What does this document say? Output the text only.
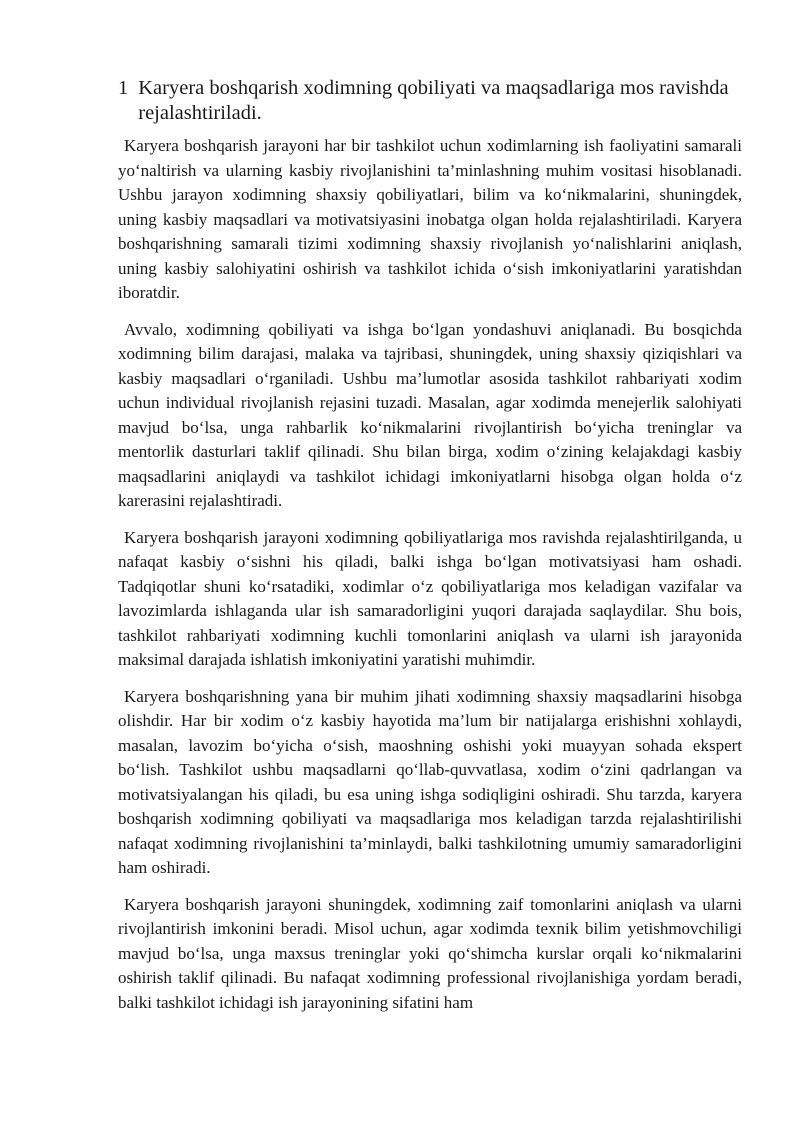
1 Karyera boshqarish xodimning qobiliyati va maqsadlariga mos ravishda rejalashtiriladi.

Karyera boshqarish jarayoni har bir tashkilot uchun xodimlarning ish faoliyatini samarali yo‘naltirish va ularning kasbiy rivojlanishini ta’minlashning muhim vositasi hisoblanadi. Ushbu jarayon xodimning shaxsiy qobiliyatlari, bilim va ko‘nikmalarini, shuningdek, uning kasbiy maqsadlari va motivatsiyasini inobatga olgan holda rejalashtiriladi. Karyera boshqarishning samarali tizimi xodimning shaxsiy rivojlanish yo‘nalishlarini aniqlash, uning kasbiy salohiyatini oshirish va tashkilot ichida o‘sish imkoniyatlarini yaratishdan iboratdir.

Avvalo, xodimning qobiliyati va ishga bo‘lgan yondashuvi aniqlanadi. Bu bosqichda xodimning bilim darajasi, malaka va tajribasi, shuningdek, uning shaxsiy qiziqishlari va kasbiy maqsadlari o‘rganiladi. Ushbu ma’lumotlar asosida tashkilot rahbariyati xodim uchun individual rivojlanish rejasini tuzadi. Masalan, agar xodimda menejerlik salohiyati mavjud bo‘lsa, unga rahbarlik ko‘nikmalarini rivojlantirish bo‘yicha treninglar va mentorlik dasturlari taklif qilinadi. Shu bilan birga, xodim o‘zining kelajakdagi kasbiy maqsadlarini aniqlaydi va tashkilot ichidagi imkoniyatlarni hisobga olgan holda o‘z karerasini rejalashtiradi.

Karyera boshqarish jarayoni xodimning qobiliyatlariga mos ravishda rejalashtirilganda, u nafaqat kasbiy o‘sishni his qiladi, balki ishga bo‘lgan motivatsiyasi ham oshadi. Tadqiqotlar shuni ko‘rsatadiki, xodimlar o‘z qobiliyatlariga mos keladigan vazifalar va lavozimlarda ishlaganda ular ish samaradorligini yuqori darajada saqlaydilar. Shu bois, tashkilot rahbariyati xodimning kuchli tomonlarini aniqlash va ularni ish jarayonida maksimal darajada ishlatish imkoniyatini yaratishi muhimdir.

Karyera boshqarishning yana bir muhim jihati xodimning shaxsiy maqsadlarini hisobga olishdir. Har bir xodim o‘z kasbiy hayotida ma’lum bir natijalarga erishishni xohlaydi, masalan, lavozim bo‘yicha o‘sish, maoshning oshishi yoki muayyan sohada ekspert bo‘lish. Tashkilot ushbu maqsadlarni qo‘llab-quvvatlasa, xodim o‘zini qadrlangan va motivatsiyalangan his qiladi, bu esa uning ishga sodiqligini oshiradi. Shu tarzda, karyera boshqarish xodimning qobiliyati va maqsadlariga mos keladigan tarzda rejalashtirilishi nafaqat xodimning rivojlanishini ta’minlaydi, balki tashkilotning umumiy samaradorligini ham oshiradi.

Karyera boshqarish jarayoni shuningdek, xodimning zaif tomonlarini aniqlash va ularni rivojlantirish imkonini beradi. Misol uchun, agar xodimda texnik bilim yetishmovchiligi mavjud bo‘lsa, unga maxsus treninglar yoki qo‘shimcha kurslar orqali ko‘nikmalarini oshirish taklif qilinadi. Bu nafaqat xodimning professional rivojlanishiga yordam beradi, balki tashkilot ichidagi ish jarayonining sifatini ham
